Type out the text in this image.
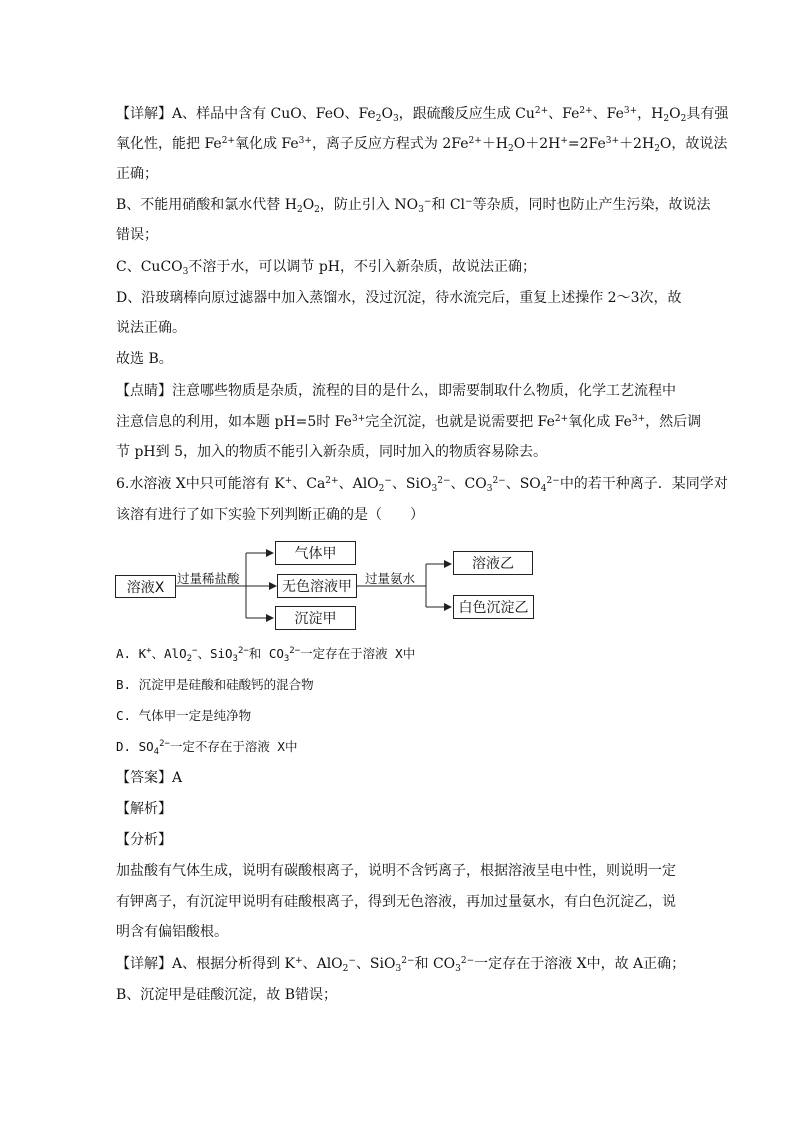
【详解】A、样品中含有 CuO、FeO、$Fe_2O_3$，跟硫酸反应生成 $Cu^{2+}$、$Fe^{2+}$、$Fe^{3+}$，$H_2O_2$具有强
氧化性，能把 $Fe^{2+}$氧化成 $Fe^{3+}$，离子反应方程式为 $2Fe^{2+}+H_2O+2H^+=2Fe^{3+}+2H_2O$，故说法
正确；
B、不能用硝酸和氯水代替 $H_2O_2$，防止引入 $NO_3^-$和 Cl−等杂质，同时也防止产生污染，故说法
错误；
C、CuCO$_3$不溶于水，可以调节 pH，不引入新杂质，故说法正确；
D、沿玻璃棒向原过滤器中加入蒸馏水，没过沉淀，待水流完后，重复上述操作 2～3次，故
说法正确。
故选 B。
【点睛】注意哪些物质是杂质，流程的目的是什么，即需要制取什么物质，化学工艺流程中
注意信息的利用，如本题 pH=5时 $Fe^{3+}$完全沉淀，也就是说需要把 $Fe^{2+}$氧化成 $Fe^{3+}$，然后调
节 pH到 5，加入的物质不能引入新杂质，同时加入的物质容易除去。
6.水溶液 X中只可能溶有 K+、$Ca^{2+}$、AlO$_2$−、SiO$_3^{2-}$、$CO_3^{2-}$、$SO_4^{2-}$中的若干种离子．某同学对
该溶有进行了如下实验下列判断正确的是（　　）
溶液X
气体甲
无色溶液甲
沉淀甲
溶液乙
白色沉淀乙
过量稀盐酸	过量氨水
A. K+、AlO$_2$−、SiO$_3^{2-}$和 $CO_3^{2-}$一定存在于溶液 X中
B. 沉淀甲是硅酸和硅酸钙的混合物
C. 气体甲一定是纯净物
D. $SO_4^{2-}$一定不存在于溶液 X中
【答案】A
【解析】
【分析】
加盐酸有气体生成，说明有碳酸根离子，说明不含钙离子，根据溶液呈电中性，则说明一定
有钾离子，有沉淀甲说明有硅酸根离子，得到无色溶液，再加过量氨水，有白色沉淀乙，说
明含有偏铝酸根。
【详解】A、根据分析得到 K+、AlO$_2$−、SiO$_3^{2-}$和 $CO_3^{2-}$一定存在于溶液 X中，故 A正确；
B、沉淀甲是硅酸沉淀，故 B错误；
